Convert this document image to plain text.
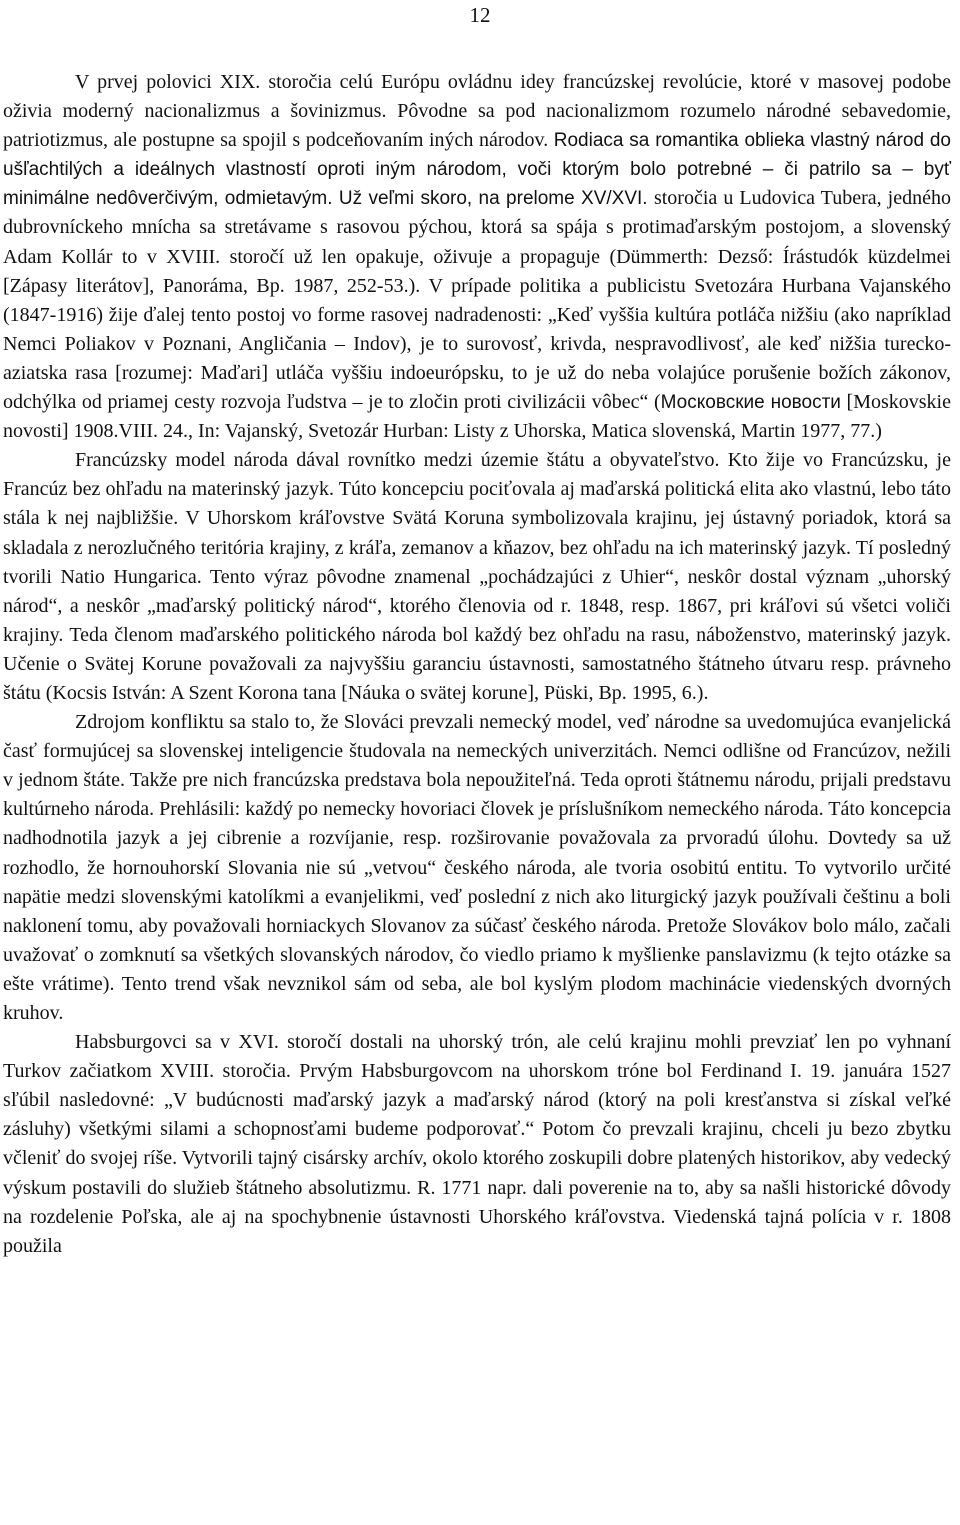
12

V prvej polovici XIX. storočia celú Európu ovládnu idey francúzskej revolúcie, ktoré v masovej podobe oživia moderný nacionalizmus a šovinizmus. Pôvodne sa pod nacionalizmom rozumelo národné sebavedomie, patriotizmus, ale postupne sa spojil s podceňovaním iných národov. Rodiaca sa romantika oblieka vlastný národ do ušľachtilých a ideálnych vlastností oproti iným národom, voči ktorým bolo potrebné – či patrilo sa – byť minimálne nedôverčivým, odmietavým. Už veľmi skoro, na prelome XV/XVI. storočia u Ludovica Tubera, jedného dubrovníckeho mnícha sa stretávame s rasovou pýchou, ktorá sa spája s protimaďarským postojom, a slovenský Adam Kollár to v XVIII. storočí už len opakuje, oživuje a propaguje (Dümmerth: Dezső: Írástudók küzdelmei [Zápasy literátov], Panoráma, Bp. 1987, 252-53.). V prípade politika a publicistu Svetozára Hurbana Vajanského (1847-1916) žije ďalej tento postoj vo forme rasovej nadradenosti: „Keď vyššia kultúra potláča nižšiu (ako napríklad Nemci Poliakov v Poznani, Angličania – Indov), je to surovosť, krivda, nespravodlivosť, ale keď nižšia turecko-aziatska rasa [rozumej: Maďari] utláča vyššiu indoeurópsku, to je už do neba volajúce porušenie božích zákonov, odchýlka od priamej cesty rozvoja ľudstva – je to zločin proti civilizácii vôbec“ (Московские новости [Moskovskie novosti] 1908.VIII. 24., In: Vajanský, Svetozár Hurban: Listy z Uhorska, Matica slovenská, Martin 1977, 77.)

Francúzsky model národa dával rovnítko medzi územie štátu a obyvateľstvo. Kto žije vo Francúzsku, je Francúz bez ohľadu na materinský jazyk. Túto koncepciu pociťovala aj maďarská politická elita ako vlastnú, lebo táto stála k nej najbližšie. V Uhorskom kráľovstve Svätá Koruna symbolizovala krajinu, jej ústavný poriadok, ktorá sa skladala z nerozlučného teritória krajiny, z kráľa, zemanov a kňazov, bez ohľadu na ich materinský jazyk. Tí posledný tvorili Natio Hungarica. Tento výraz pôvodne znamenal „pochádzajúci z Uhier“, neskôr dostal význam „uhorský národ“, a neskôr „maďarský politický národ“, ktorého členovia od r. 1848, resp. 1867, pri kráľovi sú všetci voliči krajiny. Teda členom maďarského politického národa bol každý bez ohľadu na rasu, náboženstvo, materinský jazyk. Učenie o Svätej Korune považovali za najvyššiu garanciu ústavnosti, samostatného štátneho útvaru resp. právneho štátu (Kocsis István: A Szent Korona tana [Náuka o svätej korune], Püski, Bp. 1995, 6.).

Zdrojom konfliktu sa stalo to, že Slováci prevzali nemecký model, veď národne sa uvedomujúca evanjelická časť formujúcej sa slovenskej inteligencie študovala na nemeckých univerzitách. Nemci odlišne od Francúzov, nežili v jednom štáte. Takže pre nich francúzska predstava bola nepoužiteľná. Teda oproti štátnemu národu, prijali predstavu kultúrneho národa. Prehlásili: každý po nemecky hovoriaci človek je príslušníkom nemeckého národa. Táto koncepcia nadhodnotila jazyk a jej cibrenie a rozvíjanie, resp. rozširovanie považovala za prvoradú úlohu. Dovtedy sa už rozhodlo, že hornouhorskí Slovania nie sú „vetvou“ českého národa, ale tvoria osobitú entitu. To vytvorilo určité napätie medzi slovenskými katolíkmi a evanjelikmi, veď poslední z nich ako liturgický jazyk používali češtinu a boli naklonení tomu, aby považovali horniackych Slovanov za súčasť českého národa. Pretože Slovákov bolo málo, začali uvažovať o zomknutí sa všetkých slovanských národov, čo viedlo priamo k myšlienke panslavizmu (k tejto otázke sa ešte vrátime). Tento trend však nevznikol sám od seba, ale bol kyslým plodom machinácie viedenských dvorných kruhov.

Habsburgovci sa v XVI. storočí dostali na uhorský trón, ale celú krajinu mohli prevziať len po vyhnaní Turkov začiatkom XVIII. storočia. Prvým Habsburgovcom na uhorskom tróne bol Ferdinand I. 19. januára 1527 sľúbil nasledovné: „V budúcnosti maďarský jazyk a maďarský národ (ktorý na poli kresťanstva si získal veľké zásluhy) všetkými silami a schopnosťami budeme podporovať.“ Potom čo prevzali krajinu, chceli ju bezo zbytku včleniť do svojej ríše. Vytvorili tajný cisársky archív, okolo ktorého zoskupili dobre platených historikov, aby vedecký výskum postavili do služieb štátneho absolutizmu. R. 1771 napr. dali poverenie na to, aby sa našli historické dôvody na rozdelenie Poľska, ale aj na spochybnenie ústavnosti Uhorského kráľovstva. Viedenská tajná polícia v r. 1808 použila
